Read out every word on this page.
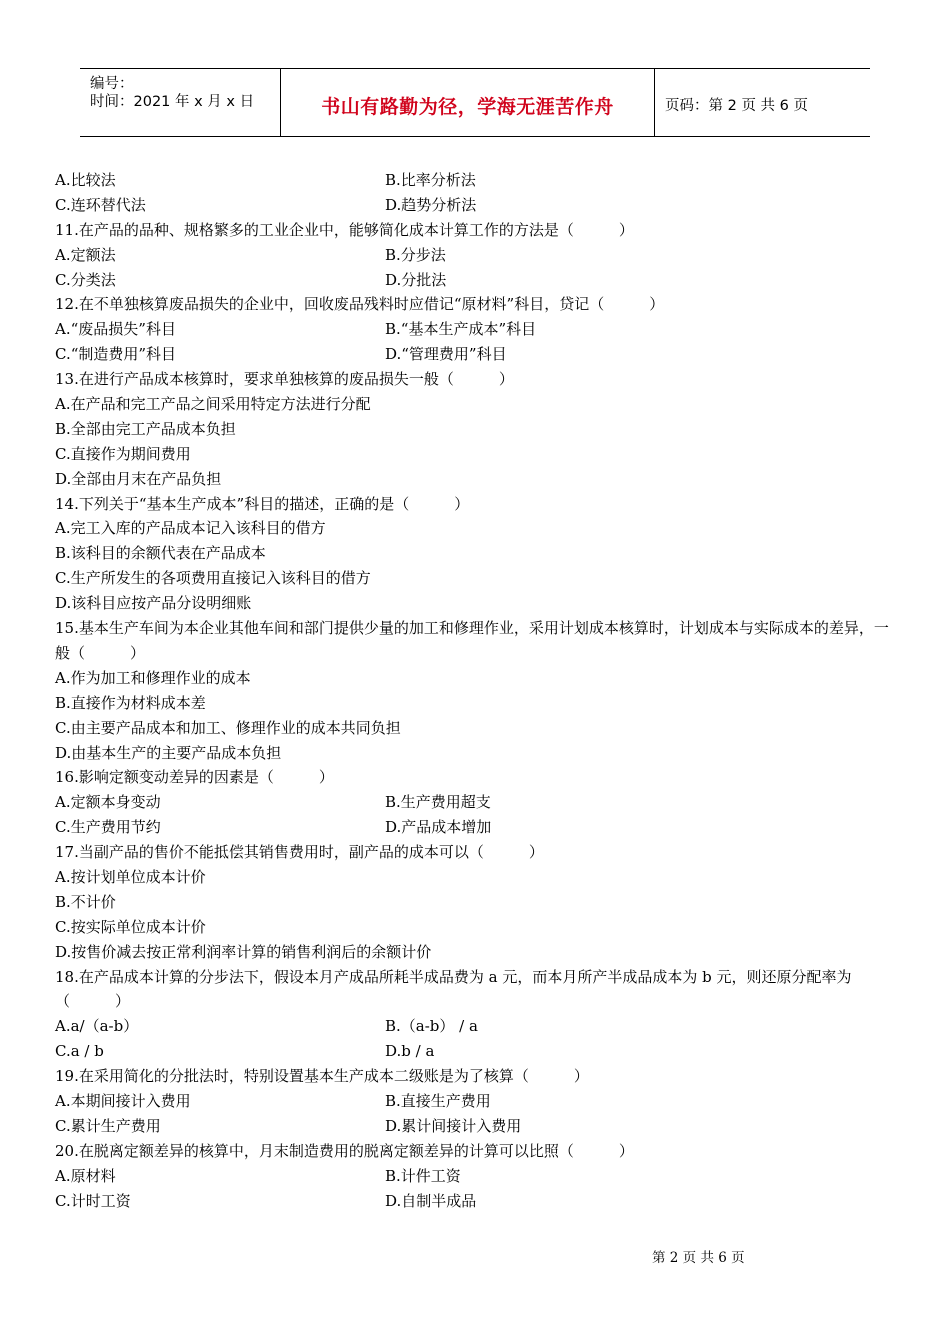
编号：
时间：2021 年 x 月 x 日	书山有路勤为径，学海无涯苦作舟	页码：第 2 页 共 6 页
A.比较法	B.比率分析法
C.连环替代法	D.趋势分析法
11.在产品的品种、规格繁多的工业企业中，能够简化成本计算工作的方法是（　　　）
A.定额法	B.分步法
C.分类法	D.分批法
12.在不单独核算废品损失的企业中，回收废品残料时应借记“原材料”科目，贷记（　　　）
A.“废品损失”科目	B.“基本生产成本”科目
C.“制造费用”科目	D.“管理费用”科目
13.在进行产品成本核算时，要求单独核算的废品损失一般（　　　）
A.在产品和完工产品之间采用特定方法进行分配
B.全部由完工产品成本负担
C.直接作为期间费用
D.全部由月末在产品负担
14.下列关于“基本生产成本”科目的描述，正确的是（　　　）
A.完工入库的产品成本记入该科目的借方
B.该科目的余额代表在产品成本
C.生产所发生的各项费用直接记入该科目的借方
D.该科目应按产品分设明细账
15.基本生产车间为本企业其他车间和部门提供少量的加工和修理作业，采用计划成本核算时，计划成本与实际成本的差异，一般（　　　）
A.作为加工和修理作业的成本
B.直接作为材料成本差
C.由主要产品成本和加工、修理作业的成本共同负担
D.由基本生产的主要产品成本负担
16.影响定额变动差异的因素是（　　　）
A.定额本身变动	B.生产费用超支
C.生产费用节约	D.产品成本增加
17.当副产品的售价不能抵偿其销售费用时，副产品的成本可以（　　　）
A.按计划单位成本计价
B.不计价
C.按实际单位成本计价
D.按售价减去按正常利润率计算的销售利润后的余额计价
18.在产品成本计算的分步法下，假设本月产成品所耗半成品费为 a 元，而本月所产半成品成本为 b 元，则还原分配率为（　　　）
A.a/（a-b）	B.（a-b） / a
C.a / b	D.b / a
19.在采用简化的分批法时，特别设置基本生产成本二级账是为了核算（　　　）
A.本期间接计入费用	B.直接生产费用
C.累计生产费用	D.累计间接计入费用
20.在脱离定额差异的核算中，月末制造费用的脱离定额差异的计算可以比照（　　　）
A.原材料	B.计件工资
C.计时工资	D.自制半成品
第 2 页 共 6 页
